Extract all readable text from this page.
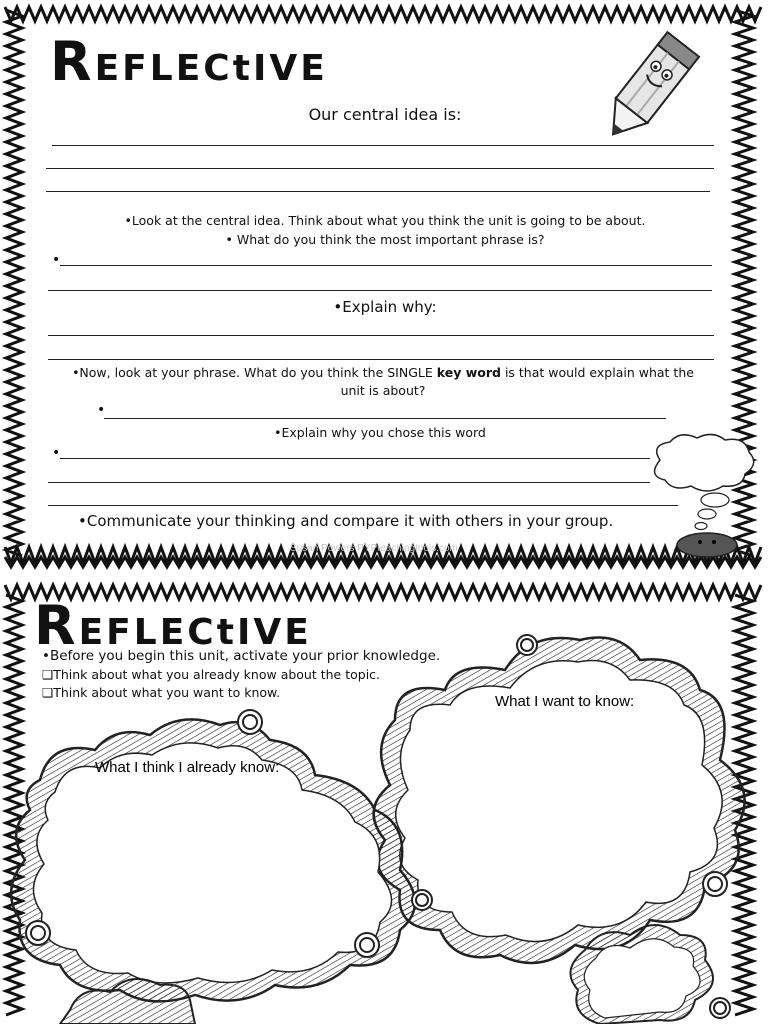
REFLECtIVE
Our central idea is:
•Look at the central idea. Think about what you think the unit is going to be about.
• What do you think the most important phrase is?
•
•Explain why:
•Now, look at your phrase. What do you think the SINGLE key word is that would explain what the
unit is about?
•
•Explain why you chose this word
•
•Communicate your thinking and compare it with others in your group.
Susan Powers PYPteachingtools.com
REFLECtIVE
•Before you begin this unit, activate your prior knowledge.
❑Think about what you already know about the topic.
❑Think about what you want to know.
What I want to know:
What I think I already know:
